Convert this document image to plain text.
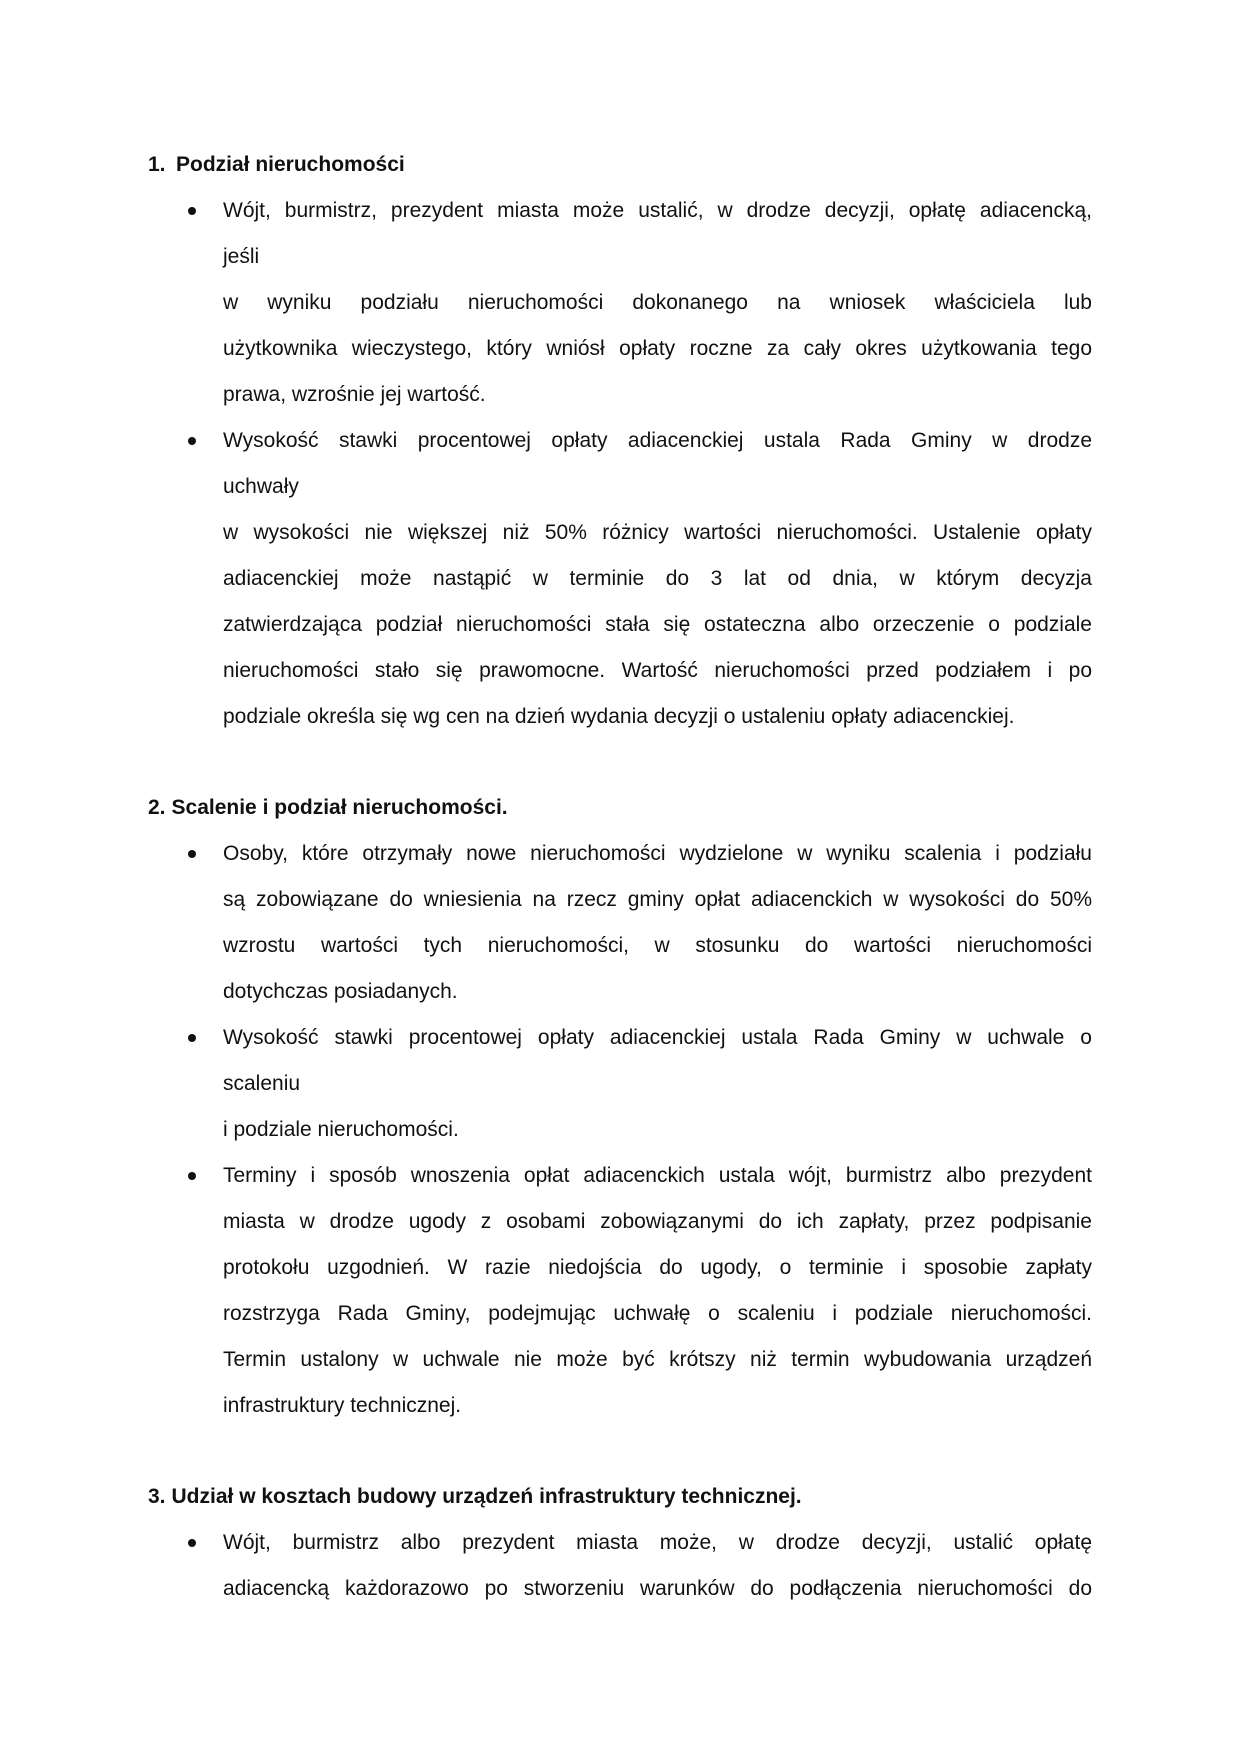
1. Podział nieruchomości
Wójt, burmistrz, prezydent miasta może ustalić, w drodze decyzji, opłatę adiacencką,
jeśli
w wyniku podziału nieruchomości dokonanego na wniosek właściciela lub
użytkownika wieczystego, który wniósł opłaty roczne za cały okres użytkowania tego
prawa, wzrośnie jej wartość.
Wysokość stawki procentowej opłaty adiacenckiej ustala Rada Gminy w drodze
uchwały
w wysokości nie większej niż 50% różnicy wartości nieruchomości. Ustalenie opłaty
adiacenckiej może nastąpić w terminie do 3 lat od dnia, w którym decyzja
zatwierdzająca podział nieruchomości stała się ostateczna albo orzeczenie o podziale
nieruchomości stało się prawomocne. Wartość nieruchomości przed podziałem i po
podziale określa się wg cen na dzień wydania decyzji o ustaleniu opłaty adiacenckiej.
2. Scalenie i podział nieruchomości.
Osoby, które otrzymały nowe nieruchomości wydzielone w wyniku scalenia i podziału
są zobowiązane do wniesienia na rzecz gminy opłat adiacenckich w wysokości do 50%
wzrostu wartości tych nieruchomości, w stosunku do wartości nieruchomości
dotychczas posiadanych.
Wysokość stawki procentowej opłaty adiacenckiej ustala Rada Gminy w uchwale o
scaleniu
i podziale nieruchomości.
Terminy i sposób wnoszenia opłat adiacenckich ustala wójt, burmistrz albo prezydent
miasta w drodze ugody z osobami zobowiązanymi do ich zapłaty, przez podpisanie
protokołu uzgodnień. W razie niedojścia do ugody, o terminie i sposobie zapłaty
rozstrzyga Rada Gminy, podejmując uchwałę o scaleniu i podziale nieruchomości.
Termin ustalony w uchwale nie może być krótszy niż termin wybudowania urządzeń
infrastruktury technicznej.
3. Udział w kosztach budowy urządzeń infrastruktury technicznej.
Wójt, burmistrz albo prezydent miasta może, w drodze decyzji, ustalić opłatę
adiacencką każdorazowo po stworzeniu warunków do podłączenia nieruchomości do
